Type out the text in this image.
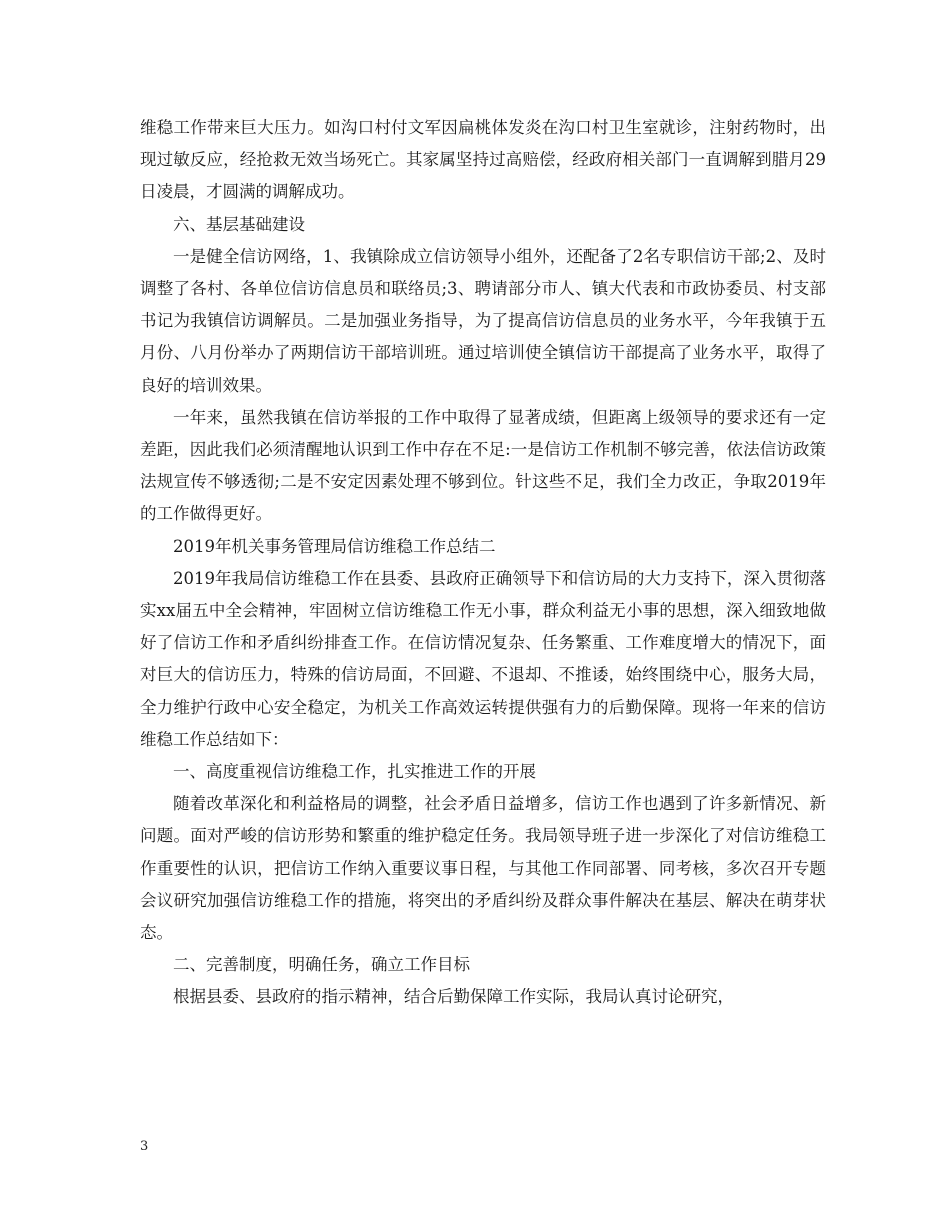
维稳工作带来巨大压力。如沟口村付文军因扁桃体发炎在沟口村卫生室就诊，注射药物时，出现过敏反应，经抢救无效当场死亡。其家属坚持过高赔偿，经政府相关部门一直调解到腊月29日凌晨，才圆满的调解成功。

六、基层基础建设

一是健全信访网络，1、我镇除成立信访领导小组外，还配备了2名专职信访干部;2、及时调整了各村、各单位信访信息员和联络员;3、聘请部分市人、镇大代表和市政协委员、村支部书记为我镇信访调解员。二是加强业务指导，为了提高信访信息员的业务水平，今年我镇于五月份、八月份举办了两期信访干部培训班。通过培训使全镇信访干部提高了业务水平，取得了良好的培训效果。

一年来，虽然我镇在信访举报的工作中取得了显著成绩，但距离上级领导的要求还有一定差距，因此我们必须清醒地认识到工作中存在不足:一是信访工作机制不够完善，依法信访政策法规宣传不够透彻;二是不安定因素处理不够到位。针这些不足，我们全力改正，争取2019年的工作做得更好。

2019年机关事务管理局信访维稳工作总结二

2019年我局信访维稳工作在县委、县政府正确领导下和信访局的大力支持下，深入贯彻落实xx届五中全会精神，牢固树立信访维稳工作无小事，群众利益无小事的思想，深入细致地做好了信访工作和矛盾纠纷排查工作。在信访情况复杂、任务繁重、工作难度增大的情况下，面对巨大的信访压力，特殊的信访局面，不回避、不退却、不推诿，始终围绕中心，服务大局，全力维护行政中心安全稳定，为机关工作高效运转提供强有力的后勤保障。现将一年来的信访维稳工作总结如下：

一、高度重视信访维稳工作，扎实推进工作的开展

随着改革深化和利益格局的调整，社会矛盾日益增多，信访工作也遇到了许多新情况、新问题。面对严峻的信访形势和繁重的维护稳定任务。我局领导班子进一步深化了对信访维稳工作重要性的认识，把信访工作纳入重要议事日程，与其他工作同部署、同考核，多次召开专题会议研究加强信访维稳工作的措施，将突出的矛盾纠纷及群众事件解决在基层、解决在萌芽状态。

二、完善制度，明确任务，确立工作目标

根据县委、县政府的指示精神，结合后勤保障工作实际，我局认真讨论研究，

3
